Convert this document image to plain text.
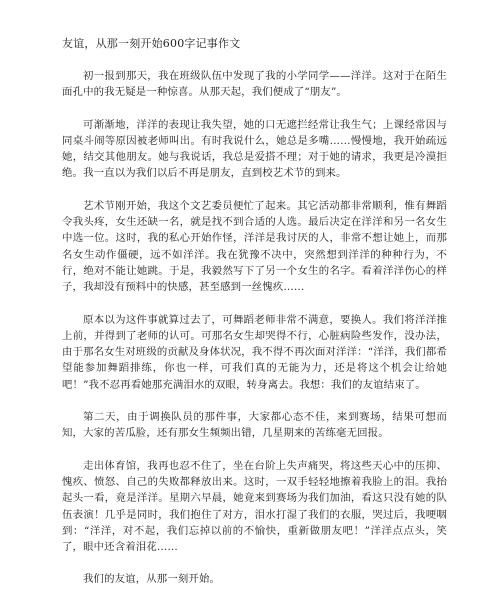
友谊，从那一刻开始600字记事作文

初一报到那天，我在班级队伍中发现了我的小学同学——洋洋。这对于在陌生面孔中的我无疑是一种惊喜。从那天起，我们便成了“朋友”。

可渐渐地，洋洋的表现让我失望，她的口无遮拦经常让我生气；上课经常因与同桌斗闹等原因被老师叫出。有时我说什么，她总是多嘴……慢慢地，我开始疏远她，结交其他朋友。她与我说话，我总是爱搭不理；对于她的请求，我更是冷漠拒绝。我一直以为我们以后不再是朋友，直到校艺术节的到来。

艺术节刚开始，我这个文艺委员便忙了起来。其它活动都非常顺利，惟有舞蹈令我头疼，女生还缺一名，就是找不到合适的人选。最后决定在洋洋和另一名女生中选一位。这时，我的私心开始作怪，洋洋是我讨厌的人，非常不想让她上，而那名女生动作僵硬，远不如洋洋。我在犹豫不决中，突然想到洋洋的种种行为，不行，绝对不能让她跳。于是，我毅然写下了另一个女生的名字。看着洋洋伤心的样子，我却没有预料中的快感，甚至感到一丝愧疚……

原本以为这件事就算过去了，可舞蹈老师非常不满意，要换人。我们将洋洋推上前，并得到了老师的认可。可那名女生却哭得不行，心脏病险些发作，没办法，由于那名女生对班级的贡献及身体状况，我不得不再次面对洋洋：“洋洋，我们都希望能参加舞蹈排练，你也一样，可我们真的无能为力，还是将这个机会让给她吧！”我不忍再看她那充满泪水的双眼，转身离去。我想：我们的友谊结束了。

第二天，由于调换队员的那件事，大家都心态不佳，来到赛场，结果可想而知，大家的苦瓜脸，还有那女生频频出错，几星期来的苦练毫无回报。

走出体育馆，我再也忍不住了，坐在台阶上失声痛哭，将这些天心中的压抑、愧疚、愤怒、自己的失败都释放出来。这时，一双手轻轻地擦着我脸上的泪。我抬起头一看，竟是洋洋。星期六早晨，她竟来到赛场为我们加油，看这只没有她的队伍表演！几乎是同时，我们抱住了对方，泪水打湿了我们的衣服，哭过后，我哽咽到：“洋洋，对不起，我们忘掉以前的不愉快，重新做朋友吧！”洋洋点点头，笑了，眼中还含着泪花……

我们的友谊，从那一刻开始。
